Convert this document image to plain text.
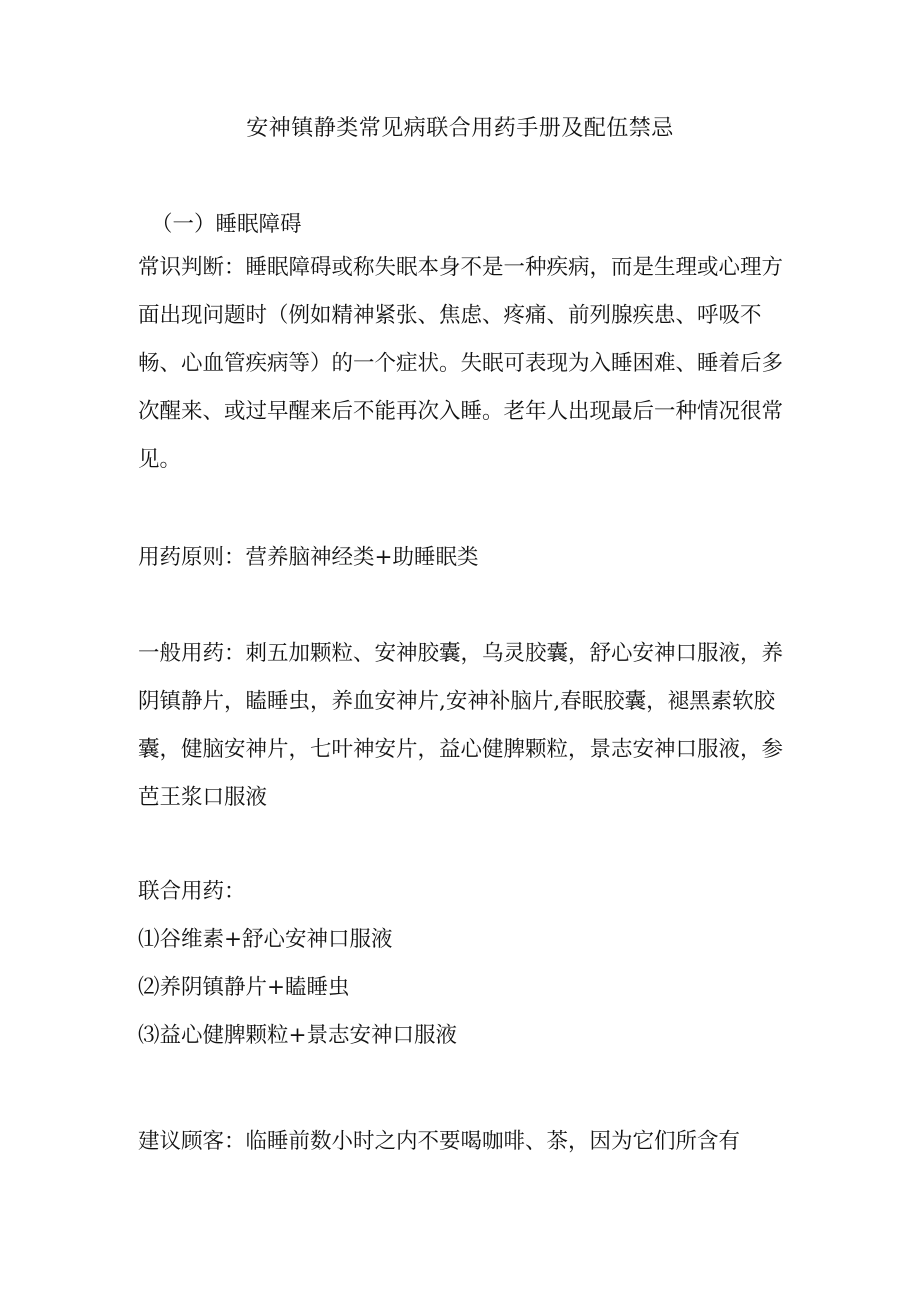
安神镇静类常见病联合用药手册及配伍禁忌

（一）睡眠障碍

常识判断：睡眠障碍或称失眠本身不是一种疾病，而是生理或心理方面出现问题时（例如精神紧张、焦虑、疼痛、前列腺疾患、呼吸不畅、心血管疾病等）的一个症状。失眠可表现为入睡困难、睡着后多次醒来、或过早醒来后不能再次入睡。老年人出现最后一种情况很常见。

用药原则：营养脑神经类+助睡眠类

一般用药：刺五加颗粒、安神胶囊，乌灵胶囊，舒心安神口服液，养阴镇静片，瞌睡虫，养血安神片,安神补脑片,春眠胶囊，褪黑素软胶囊，健脑安神片，七叶神安片，益心健脾颗粒，景志安神口服液，参芭王浆口服液

联合用药：
⑴谷维素+舒心安神口服液
⑵养阴镇静片+瞌睡虫
⑶益心健脾颗粒+景志安神口服液

建议顾客：临睡前数小时之内不要喝咖啡、茶，因为它们所含有
